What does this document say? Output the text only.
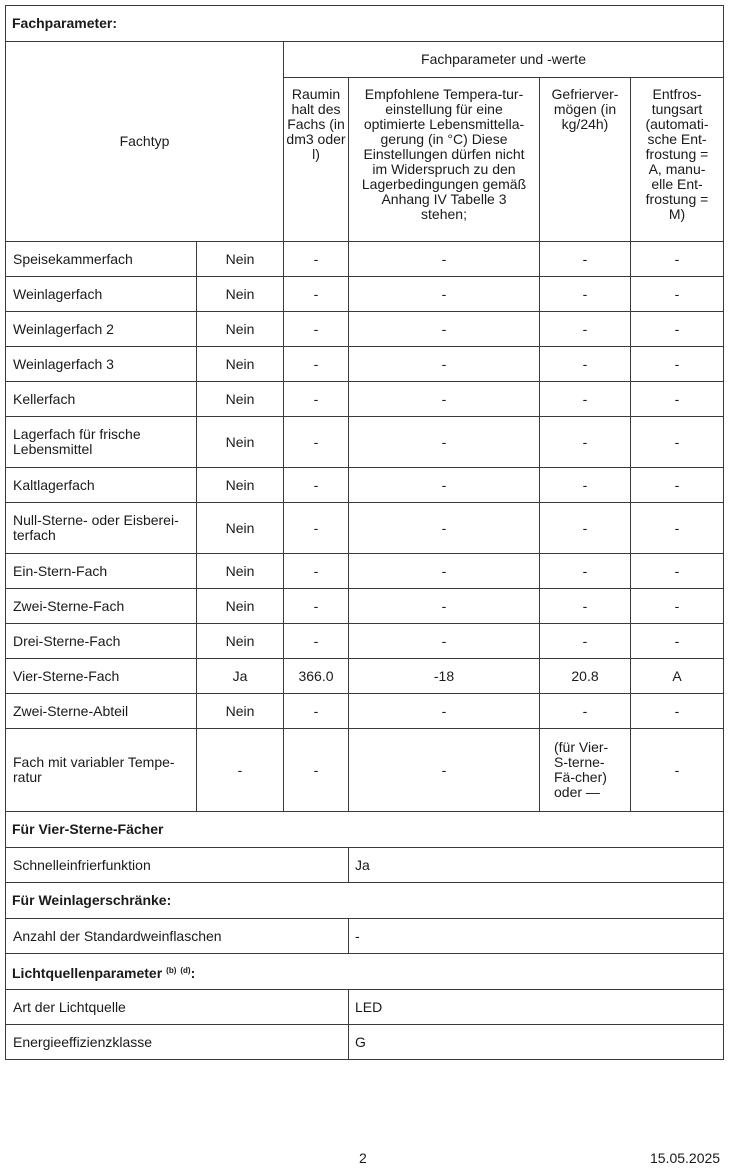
Fachparameter:					
Fachtyp		Fachparameter und -werte			
		Raumin halt des Fachs (in dm3 oder l)	Empfohlene Tempera-tur-einstellung für eine optimierte Lebensmittella-gerung (in °C) Diese Einstellungen dürfen nicht im Widerspruch zu den Lagerbedingungen gemäß Anhang IV Tabelle 3 stehen;	Gefrierver-mögen (in kg/24h)	Entfros-tungsart (automati-sche Ent-frostung = A, manu-elle Ent-frostung = M)
Speisekammerfach	Nein	-	-	-	-
Weinlagerfach	Nein	-	-	-	-
Weinlagerfach 2	Nein	-	-	-	-
Weinlagerfach 3	Nein	-	-	-	-
Kellerfach	Nein	-	-	-	-
Lagerfach für frische Lebensmittel	Nein	-	-	-	-
Kaltlagerfach	Nein	-	-	-	-
Null-Sterne- oder Eisberei-terfach	Nein	-	-	-	-
Ein-Stern-Fach	Nein	-	-	-	-
Zwei-Sterne-Fach	Nein	-	-	-	-
Drei-Sterne-Fach	Nein	-	-	-	-
Vier-Sterne-Fach	Ja	366.0	-18	20.8	A
Zwei-Sterne-Abteil	Nein	-	-	-	-
Fach mit variabler Tempe-ratur	-	-	-	(für Vier-S-terne-Fä-cher) oder —	-
Für Vier-Sterne-Fächer					
Schnelleinfrierfunktion			Ja		
Für Weinlagerschränke:					
Anzahl der Standardweinflaschen			-		
Lichtquellenparameter $^{(b)}$ $^{(d)}$:					
Art der Lichtquelle			LED		
Energieeffizienzklasse			G		
2	15.05.2025
